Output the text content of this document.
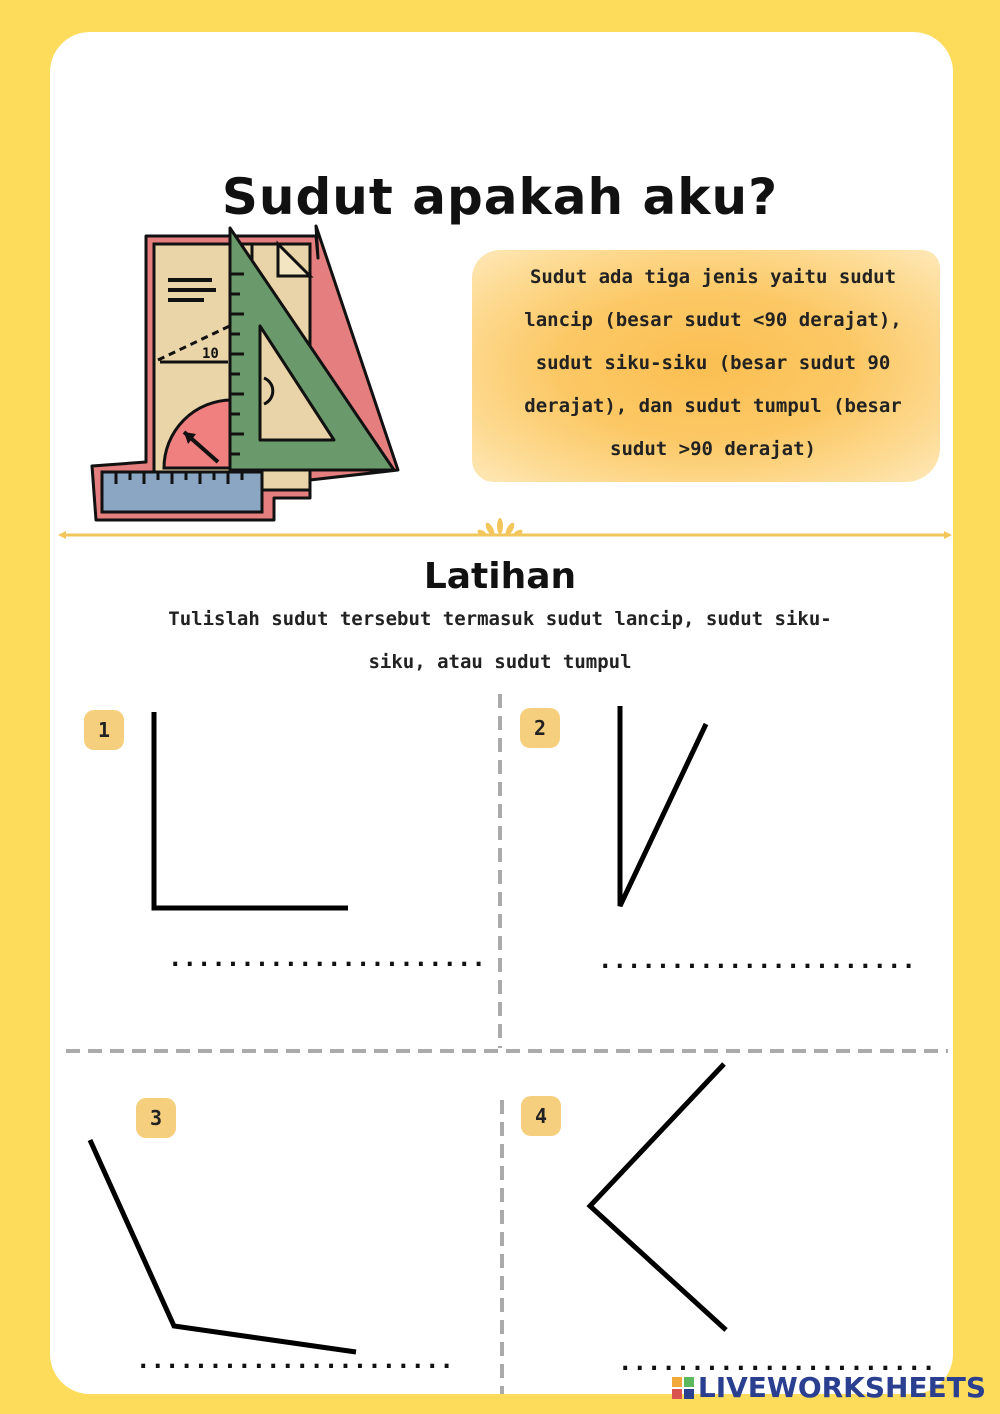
10
Sudut apakah aku?
Sudut ada tiga jenis yaitu sudut lancip (besar sudut <90 derajat), sudut siku-siku (besar sudut 90 derajat), dan sudut tumpul (besar sudut >90 derajat)
Latihan
Tulislah sudut tersebut termasuk sudut lancip, sudut siku-siku, atau sudut tumpul
1
......................
2
......................
3
......................
4
......................
LIVEWORKSHEETS
